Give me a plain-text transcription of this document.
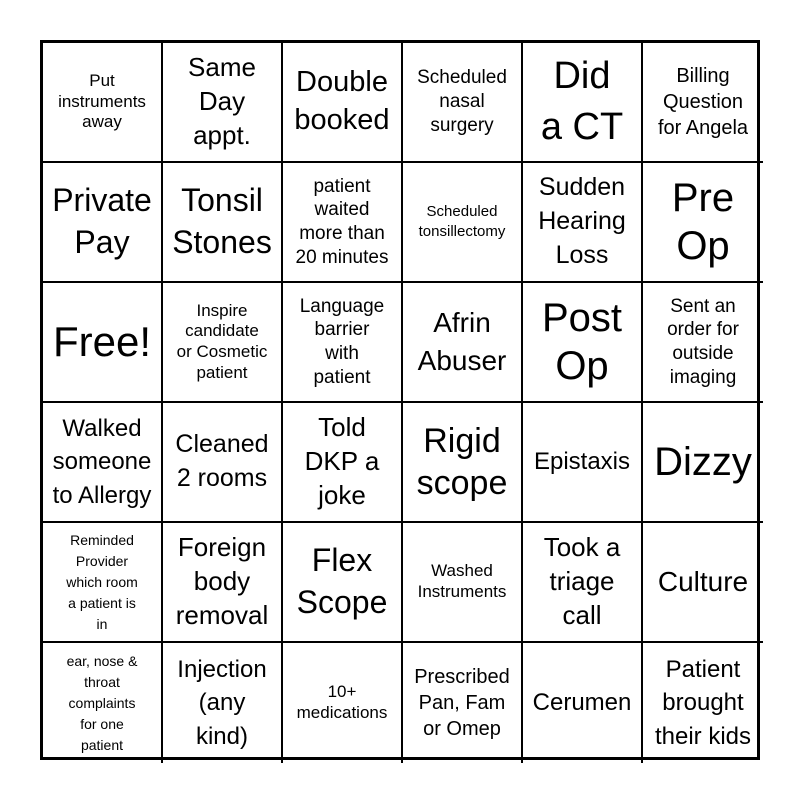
Put
instruments
away
Same
Day
appt.
Double
booked
Scheduled
nasal
surgery
Did
a CT
Billing
Question
for Angela
Private
Pay
Tonsil
Stones
patient
waited
more than
20 minutes
Scheduled
tonsillectomy
Sudden
Hearing
Loss
Pre
Op
Free!
Inspire
candidate
or Cosmetic
patient
Language
barrier
with
patient
Afrin
Abuser
Post
Op
Sent an
order for
outside
imaging
Walked
someone
to Allergy
Cleaned
2 rooms
Told
DKP a
joke
Rigid
scope
Epistaxis Dizzy
Reminded
Provider
which room
a patient is
in
Foreign
body
removal
Flex
Scope
Washed
Instruments
Took a
triage
call
Culture
ear, nose &
throat
complaints
for one
patient
Injection
(any
kind)
10+
medications
Prescribed
Pan, Fam
or Omep
Cerumen
Patient
brought
their kids
